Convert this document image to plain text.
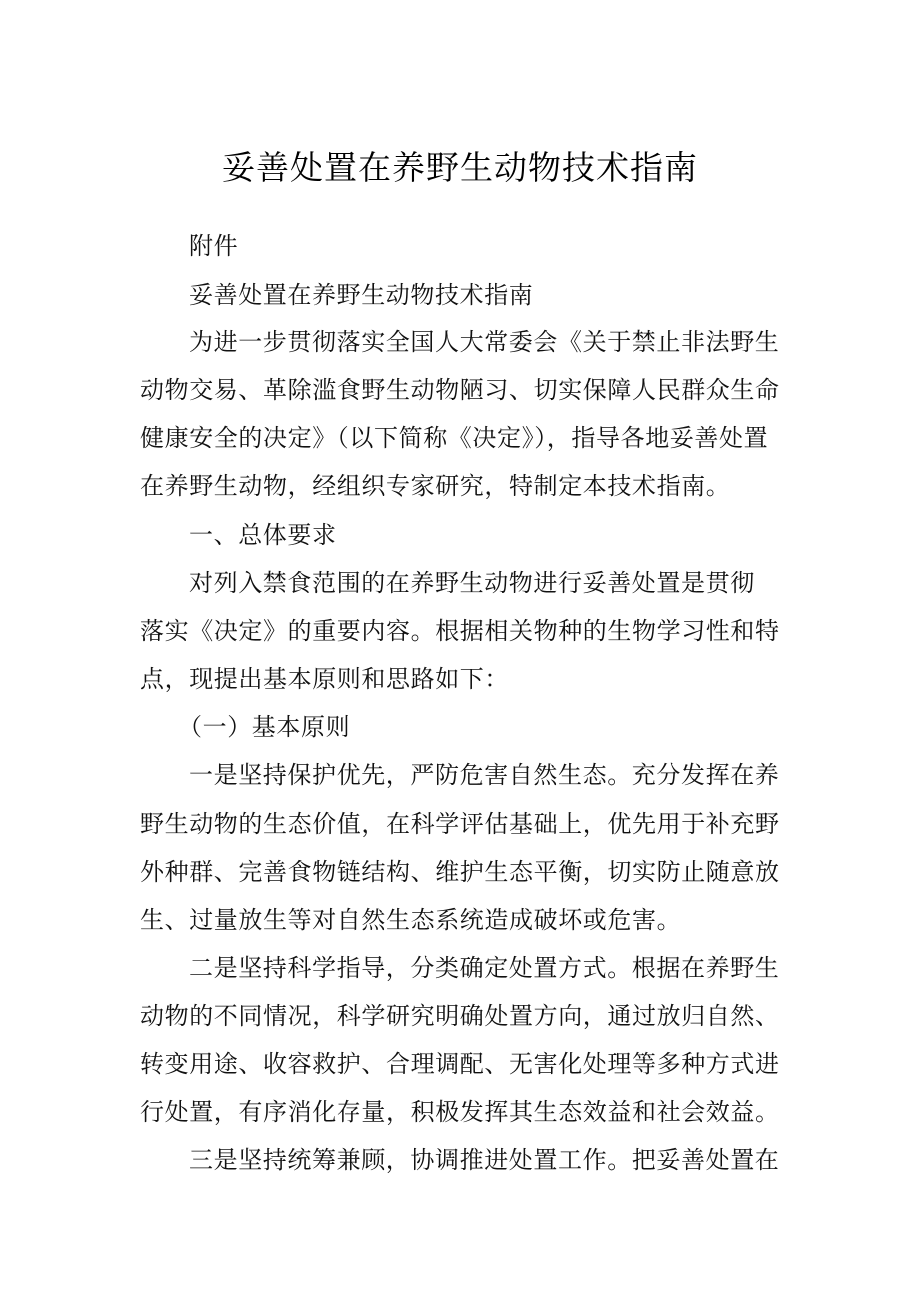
妥善处置在养野生动物技术指南
附件
妥善处置在养野生动物技术指南
为进一步贯彻落实全国人大常委会《关于禁止非法野生
动物交易、革除滥食野生动物陋习、切实保障人民群众生命
健康安全的决定》（以下简称《决定》），指导各地妥善处置
在养野生动物，经组织专家研究，特制定本技术指南。
一、总体要求
对列入禁食范围的在养野生动物进行妥善处置是贯彻
落实《决定》的重要内容。根据相关物种的生物学习性和特
点，现提出基本原则和思路如下：
（一）基本原则
一是坚持保护优先，严防危害自然生态。充分发挥在养
野生动物的生态价值，在科学评估基础上，优先用于补充野
外种群、完善食物链结构、维护生态平衡，切实防止随意放
生、过量放生等对自然生态系统造成破坏或危害。
二是坚持科学指导，分类确定处置方式。根据在养野生
动物的不同情况，科学研究明确处置方向，通过放归自然、
转变用途、收容救护、合理调配、无害化处理等多种方式进
行处置，有序消化存量，积极发挥其生态效益和社会效益。
三是坚持统筹兼顾，协调推进处置工作。把妥善处置在
